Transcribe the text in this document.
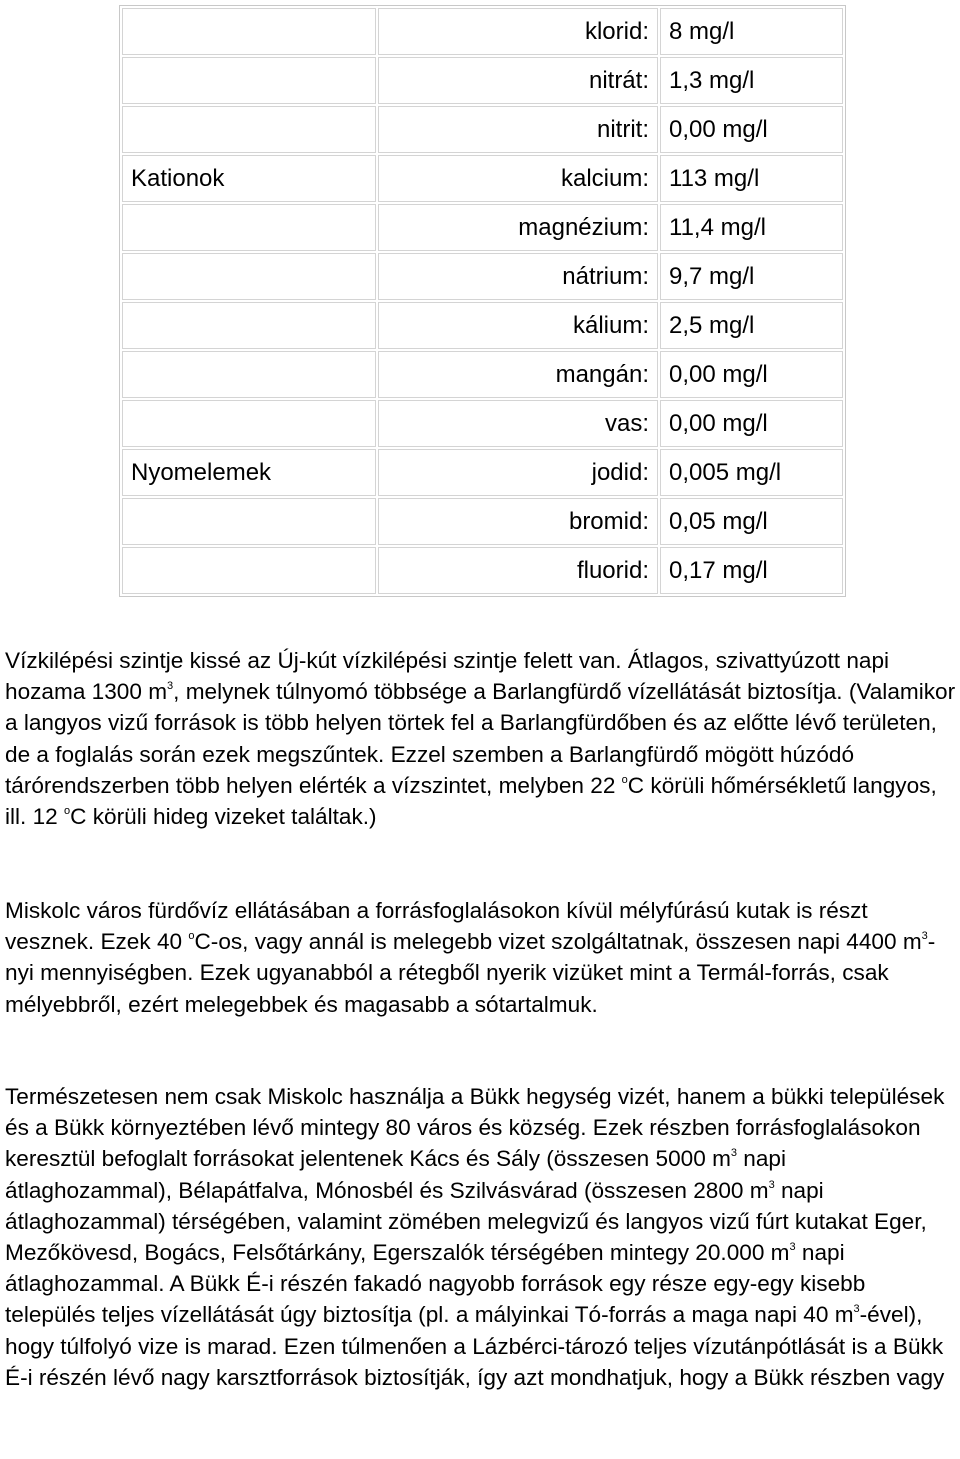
	klorid:	8 mg/l
	nitrát:	1,3 mg/l
	nitrit:	0,00 mg/l
Kationok	kalcium:	113 mg/l
	magnézium:	11,4 mg/l
	nátrium:	9,7 mg/l
	kálium:	2,5 mg/l
	mangán:	0,00 mg/l
	vas:	0,00 mg/l
Nyomelemek	jodid:	0,005 mg/l
	bromid:	0,05 mg/l
	fluorid:	0,17 mg/l
Vízkilépési szintje kissé az Új-kút vízkilépési szintje felett van. Átlagos, szivattyúzott napi hozama 1300 $m^3$, melynek túlnyomó többsége a Barlangfürdő vízellátását biztosítja. (Valamikor a langyos vizű források is több helyen törtek fel a Barlangfürdőben és az előtte lévő területen, de a foglalás során ezek megszűntek. Ezzel szemben a Barlangfürdő mögött húzódó tárórendszerben több helyen elérték a vízszintet, melyben 22 $^o$C körüli hőmérsékletű langyos, ill. 12 $^o$C körüli hideg vizeket találtak.)
Miskolc város fürdővíz ellátásában a forrásfoglalásokon kívül mélyfúrású kutak is részt vesznek. Ezek 40 $^o$C-os, vagy annál is melegebb vizet szolgáltatnak, összesen napi 4400 $m^3$-nyi mennyiségben. Ezek ugyanabból a rétegből nyerik vizüket mint a Termál-forrás, csak mélyebbről, ezért melegebbek és magasabb a sótartalmuk.
Természetesen nem csak Miskolc használja a Bükk hegység vizét, hanem a bükki települések és a Bükk környeztében lévő mintegy 80 város és község. Ezek részben forrásfoglalásokon keresztül befoglalt forrásokat jelentenek Kács és Sály (összesen 5000 $m^3$ napi átlaghozammal), Bélapátfalva, Mónosbél és Szilvásvárad (összesen 2800 $m^3$ napi átlaghozammal) térségében, valamint zömében melegvizű és langyos vizű fúrt kutakat Eger, Mezőkövesd, Bogács, Felsőtárkány, Egerszalók térségében mintegy 20.000 $m^3$ napi átlaghozammal. A Bükk É-i részén fakadó nagyobb források egy része egy-egy kisebb település teljes vízellátását úgy biztosítja (pl. a mályinkai Tó-forrás a maga napi 40 $m^3-ével$), hogy túlfolyó vize is marad. Ezen túlmenően a Lázbérci-tározó teljes vízutánpótlását is a Bükk É-i részén lévő nagy karsztforrások biztosítják, így azt mondhatjuk, hogy a Bükk részben vagy
